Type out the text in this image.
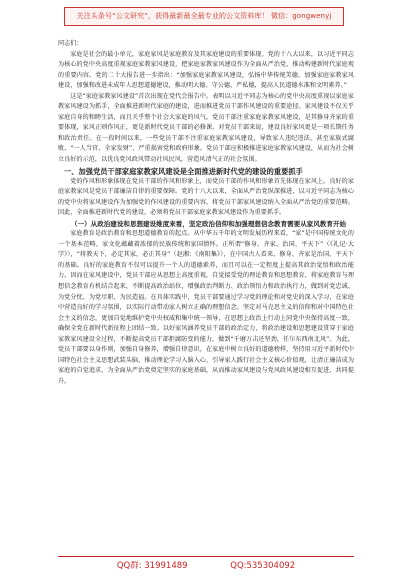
关注头条号“公文研究”，获得最新最全最专业的公文资料库！ 微信：gongwenyj

同志们：

家庭是社会的最小单元，家庭家风是家庭教育及其家庭建设的重要体现。党的十八大以来，以习近平同志为核心的党中央高度重视家庭家教家风建设，把家庭家教家风建设作为全面从严治党、推动构建新时代家庭观的重要内容。党的二十大报告进一步指出：“加强家庭家教家风建设，弘扬中华传统美德，加强家庭家教家风建设，加强和改进未成年人思想道德建设，推动明大德、守公德、严私德，提高人民道德水准和文明素养。”

这是“家庭家教家风建设”首次出现在党代会报告中。表明以习近平同志为核心的党中央高度重视以家庭家教家风建设为抓手，全面推进新时代家庭的建设，进而推进党员干部作风建设的重要途径。家风建设不仅关乎家庭自身的和睦生活，而且关乎整个社会大家庭的风气。党员干部注重家庭家教家风建设，是其修身齐家的重要体现，家风正则作风正，更是新时代党员干部的必修课。对党员干部来说，建设良好家风更是一项长期任务和政治责任。在一段时间以来，一些党员干部不注重家庭家教家风建设，导致家人违纪违法，甚至家族式腐败、“一人当官、全家发财”，严重损害党和政府形象。党员干部应积极推进家庭家教家风建设，从而为社会树立良好的示范，以优良党风政风带动社风民风，营造风清气正的社会氛围。

一、加强党员干部家庭家教家风建设是全面推进新时代党的建设的重要抓手

党的作风和形象体现在党员干部的作风和形象上，而党员干部的作风和形象首先体现在家风上。良好的家庭家教家风是党员干部廉洁自律的重要保障。党的十八大以来，全面从严治党纵深推进，以习近平同志为核心的党中央将家风建设作为加强党的作风建设的重要内容，将党员干部家风建设纳入全面从严治党的重要范畴。因此，全面推进新时代党的建设，必须将党员干部家庭家教家风建设作为重要抓手。

（一）从政治建设和思想建设维度来看，坚定政治信仰和加强理想信念教育需要从家风教育开始

家庭教育是政治教育和思想道德教育的起点。从中华五千年的文明发展历程来看，“家”是中国传统文化的一个基本范畴，家文化蕴藏着浓郁的民族传统和家国情怀。正所谓“修身、齐家、治国、平天下”（《礼记·大学》），“将教天下，必定其家，必正其身”（赵湘：《南阳集》），在中国古人看来，修身、齐家是治国、平天下的基础。良好的家庭教育不仅可以提升一个人的道德素养，而且可以在一定程度上提高其政治觉悟和政治能力。因而在家风建设中，党员干部应从思想上高度重视，自觉接受党的理论教育和思想教育，将家庭教育与理想信念教育有机结合起来，不断提高政治站位，增强政治判断力、政治领悟力和政治执行力，做到对党忠诚、为党分忧、为党尽职、为民造福。在具体实践中，党员干部要通过学习党的理论和对党史的深入学习，在家庭中营造良好的学习氛围，以实际行动带动家人树立正确的理想信念，坚定对马克思主义的信仰和对中国特色社会主义的信念，更加自觉地维护党中央权威和集中统一领导，在思想上政治上行动上同党中央保持高度一致，确保全党在新时代新征程上团结一致。以好家风涵养党员干部的政治定力，将政治建设和思想建设贯穿于家庭家教家风建设全过程，不断提高党员干部拒腐防变的能力，做到“千磨万击还坚劲，任尔东西南北风”。为此，党员干部要以身作则，加强自身修养，增强自律意识，在家庭中树立良好的道德榜样，坚持用习近平新时代中国特色社会主义思想武装头脑，推动理论学习入脑入心，引导家人践行社会主义核心价值观，让清正廉洁成为家庭的自觉追求，为全面从严治党奠定坚实的家庭基础，从而推动家风建设与党风政风建设相互促进、共同提升。

QQ群: 31991489	QQ:535304092
